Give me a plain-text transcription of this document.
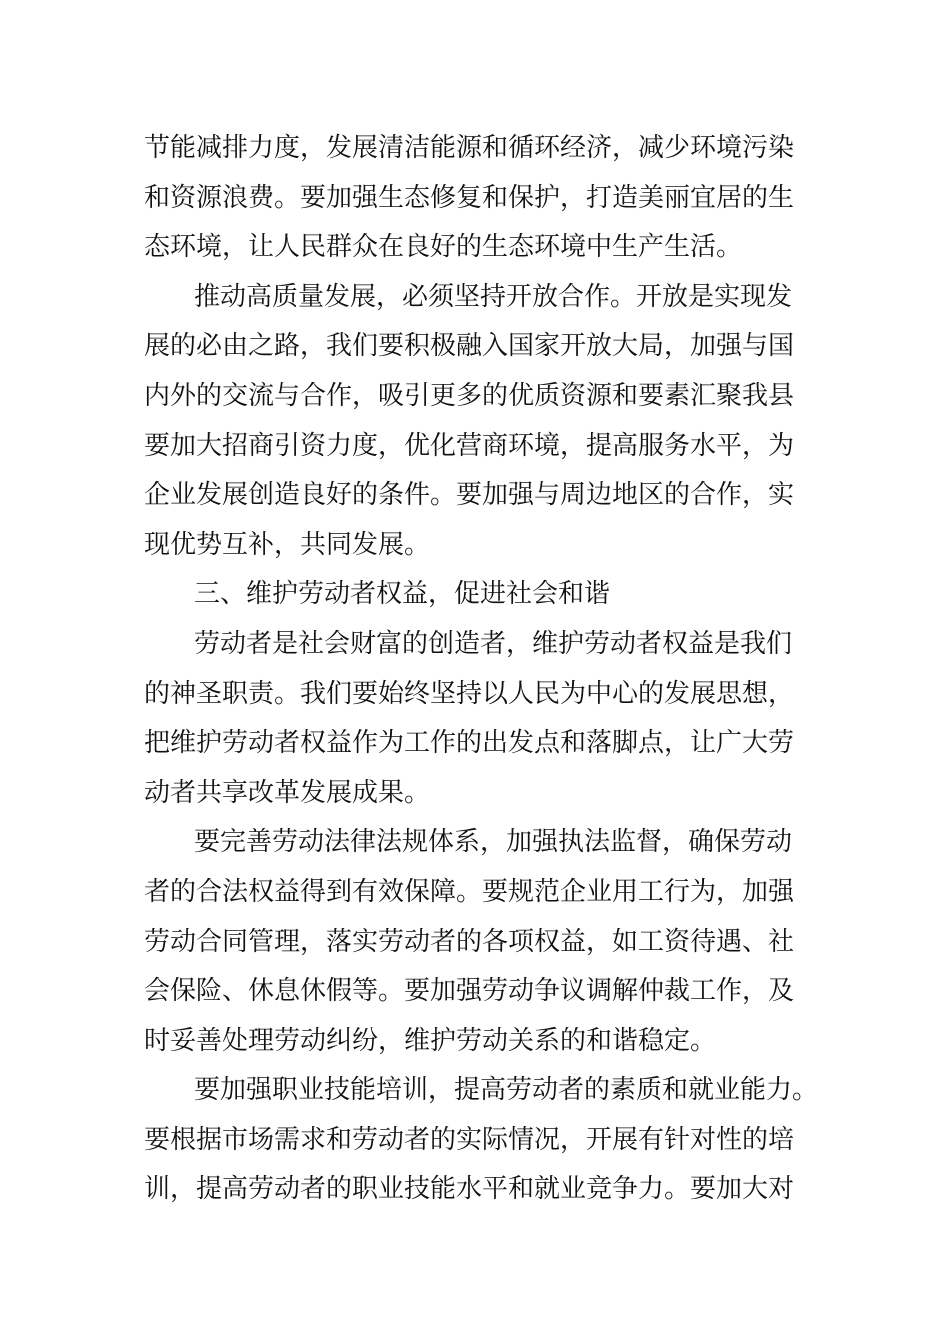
节能减排力度，发展清洁能源和循环经济，减少环境污染
和资源浪费。要加强生态修复和保护，打造美丽宜居的生
态环境，让人民群众在良好的生态环境中生产生活。
推动高质量发展，必须坚持开放合作。开放是实现发
展的必由之路，我们要积极融入国家开放大局，加强与国
内外的交流与合作，吸引更多的优质资源和要素汇聚我县
要加大招商引资力度，优化营商环境，提高服务水平，为
企业发展创造良好的条件。要加强与周边地区的合作，实
现优势互补，共同发展。
三、维护劳动者权益，促进社会和谐
劳动者是社会财富的创造者，维护劳动者权益是我们
的神圣职责。我们要始终坚持以人民为中心的发展思想，
把维护劳动者权益作为工作的出发点和落脚点，让广大劳
动者共享改革发展成果。
要完善劳动法律法规体系，加强执法监督，确保劳动
者的合法权益得到有效保障。要规范企业用工行为，加强
劳动合同管理，落实劳动者的各项权益，如工资待遇、社
会保险、休息休假等。要加强劳动争议调解仲裁工作，及
时妥善处理劳动纠纷，维护劳动关系的和谐稳定。
要加强职业技能培训，提高劳动者的素质和就业能力。
要根据市场需求和劳动者的实际情况，开展有针对性的培
训，提高劳动者的职业技能水平和就业竞争力。要加大对
